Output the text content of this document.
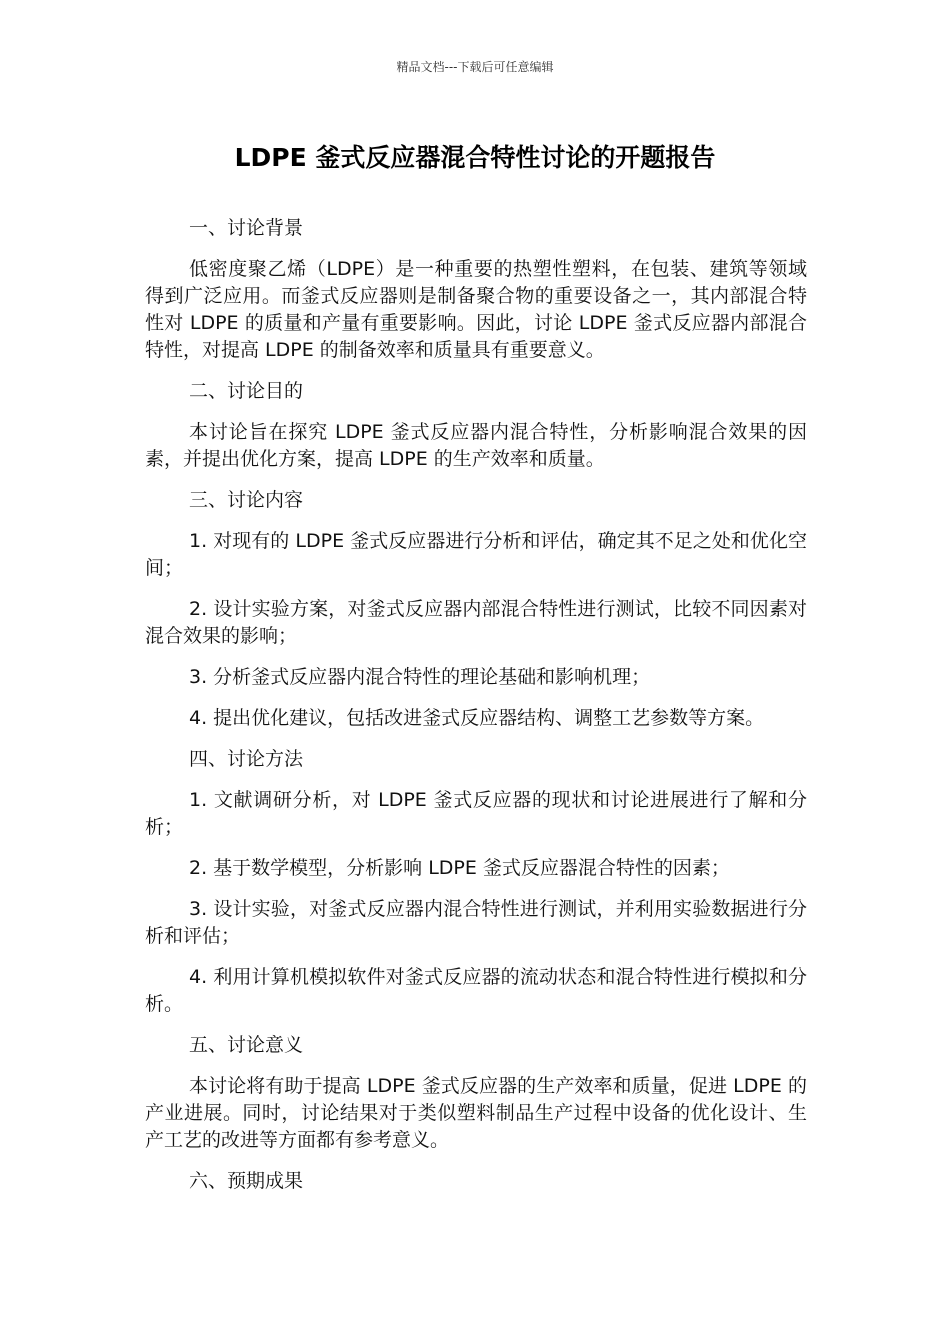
精品文档---下载后可任意编辑
LDPE 釜式反应器混合特性讨论的开题报告

一、讨论背景

低密度聚乙烯（LDPE）是一种重要的热塑性塑料，在包装、建筑等领域得到广泛应用。而釜式反应器则是制备聚合物的重要设备之一，其内部混合特性对 LDPE 的质量和产量有重要影响。因此，讨论 LDPE 釜式反应器内部混合特性，对提高 LDPE 的制备效率和质量具有重要意义。

二、讨论目的

本讨论旨在探究 LDPE 釜式反应器内混合特性，分析影响混合效果的因素，并提出优化方案，提高 LDPE 的生产效率和质量。

三、讨论内容

1. 对现有的 LDPE 釜式反应器进行分析和评估，确定其不足之处和优化空间；

2. 设计实验方案，对釜式反应器内部混合特性进行测试，比较不同因素对混合效果的影响；

3. 分析釜式反应器内混合特性的理论基础和影响机理；

4. 提出优化建议，包括改进釜式反应器结构、调整工艺参数等方案。

四、讨论方法

1. 文献调研分析，对 LDPE 釜式反应器的现状和讨论进展进行了解和分析；

2. 基于数学模型，分析影响 LDPE 釜式反应器混合特性的因素；

3. 设计实验，对釜式反应器内混合特性进行测试，并利用实验数据进行分析和评估；

4. 利用计算机模拟软件对釜式反应器的流动状态和混合特性进行模拟和分析。

五、讨论意义

本讨论将有助于提高 LDPE 釜式反应器的生产效率和质量，促进 LDPE 的产业进展。同时，讨论结果对于类似塑料制品生产过程中设备的优化设计、生产工艺的改进等方面都有参考意义。

六、预期成果
